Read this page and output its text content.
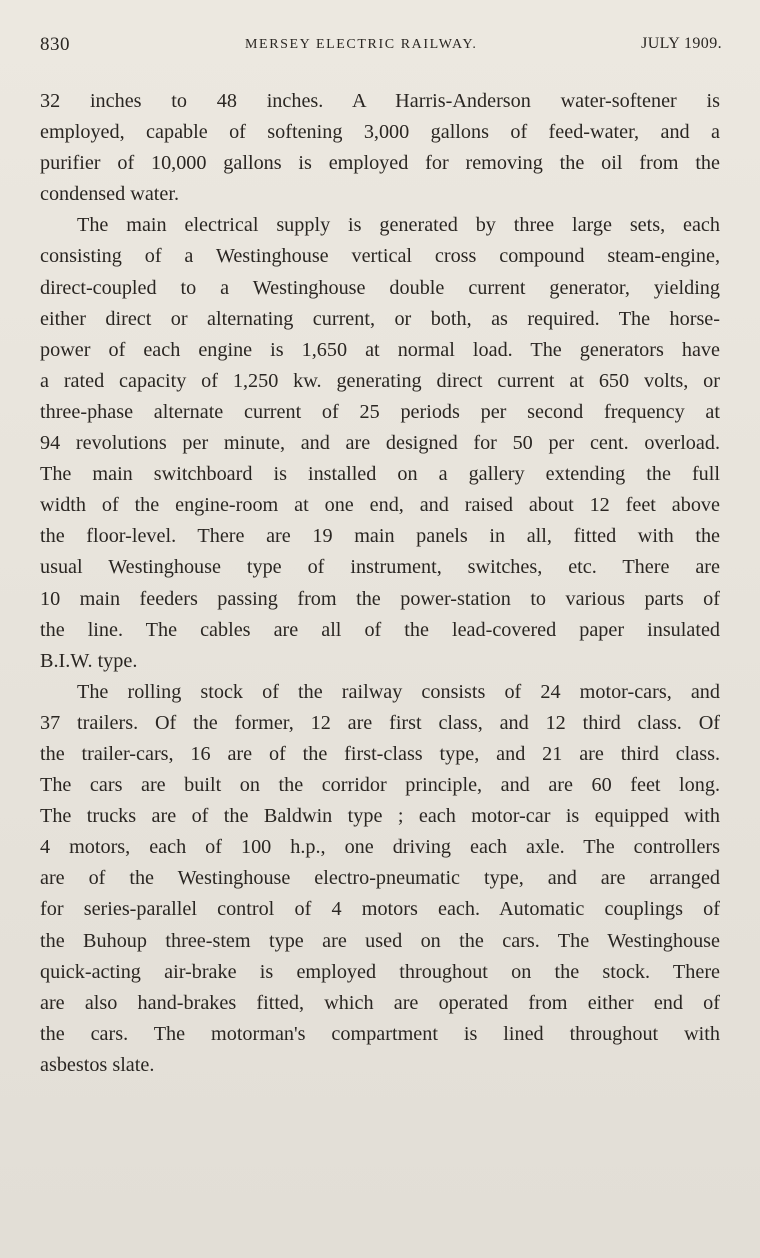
830	MERSEY ELECTRIC RAILWAY.	JULY 1909.
32 inches to 48 inches. A Harris-Anderson water-softener is
employed, capable of softening 3,000 gallons of feed-water, and a
purifier of 10,000 gallons is employed for removing the oil from the
condensed water.
The main electrical supply is generated by three large sets, each
consisting of a Westinghouse vertical cross compound steam-engine,
direct-coupled to a Westinghouse double current generator, yielding
either direct or alternating current, or both, as required. The horse-
power of each engine is 1,650 at normal load. The generators have
a rated capacity of 1,250 kw. generating direct current at 650 volts, or
three-phase alternate current of 25 periods per second frequency at
94 revolutions per minute, and are designed for 50 per cent. overload.
The main switchboard is installed on a gallery extending the full
width of the engine-room at one end, and raised about 12 feet above
the floor-level. There are 19 main panels in all, fitted with the
usual Westinghouse type of instrument, switches, etc. There are
10 main feeders passing from the power-station to various parts of
the line. The cables are all of the lead-covered paper insulated
B.I.W. type.
The rolling stock of the railway consists of 24 motor-cars, and
37 trailers. Of the former, 12 are first class, and 12 third class. Of
the trailer-cars, 16 are of the first-class type, and 21 are third class.
The cars are built on the corridor principle, and are 60 feet long.
The trucks are of the Baldwin type ; each motor-car is equipped with
4 motors, each of 100 h.p., one driving each axle. The controllers
are of the Westinghouse electro-pneumatic type, and are arranged
for series-parallel control of 4 motors each. Automatic couplings of
the Buhoup three-stem type are used on the cars. The Westinghouse
quick-acting air-brake is employed throughout on the stock. There
are also hand-brakes fitted, which are operated from either end of
the cars. The motorman's compartment is lined throughout with
asbestos slate.
